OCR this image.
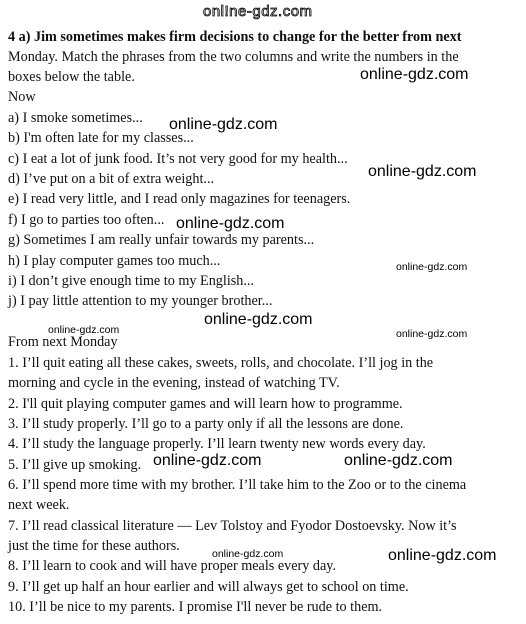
onl!ne-gdz.com
4 a) Jim sometimes makes firm decisions to change for the better from next
Monday. Match the phrases from the two columns and write the numbers in the
boxes below the table.
Now
a) I smoke sometimes...
b) I'm often late for my classes...
c) I eat a lot of junk food. It’s not very good for my health...
d) I’ve put on a bit of extra weight...
e) I read very little, and I read only magazines for teenagers.
f) I go to parties too often...
g) Sometimes I am really unfair towards my parents...
h) I play computer games too much...
i) I don’t give enough time to my English...
j) I pay little attention to my younger brother...
From next Monday
1. I’ll quit eating all these cakes, sweets, rolls, and chocolate. I’ll jog in the
morning and cycle in the evening, instead of watching TV.
2. I'll quit playing computer games and will learn how to programme.
3. I’ll study properly. I’ll go to a party only if all the lessons are done.
4. I’ll study the language properly. I’ll learn twenty new words every day.
5. I’ll give up smoking.
6. I’ll spend more time with my brother. I’ll take him to the Zoo or to the cinema
next week.
7. I’ll read classical literature — Lev Tolstoy and Fyodor Dostoevsky. Now it’s
just the time for these authors.
8. I’ll learn to cook and will have proper meals every day.
9. I’ll get up half an hour earlier and will always get to school on time.
10. I’ll be nice to my parents. I promise I'll never be rude to them.
online-gdz.com
online-gdz.com
online-gdz.com
online-gdz.com
online-gdz.com
online-gdz.com
online-gdz.com	online-gdz.com
online-gdz.com	online-gdz.com
online-gdz.com	online-gdz.com
